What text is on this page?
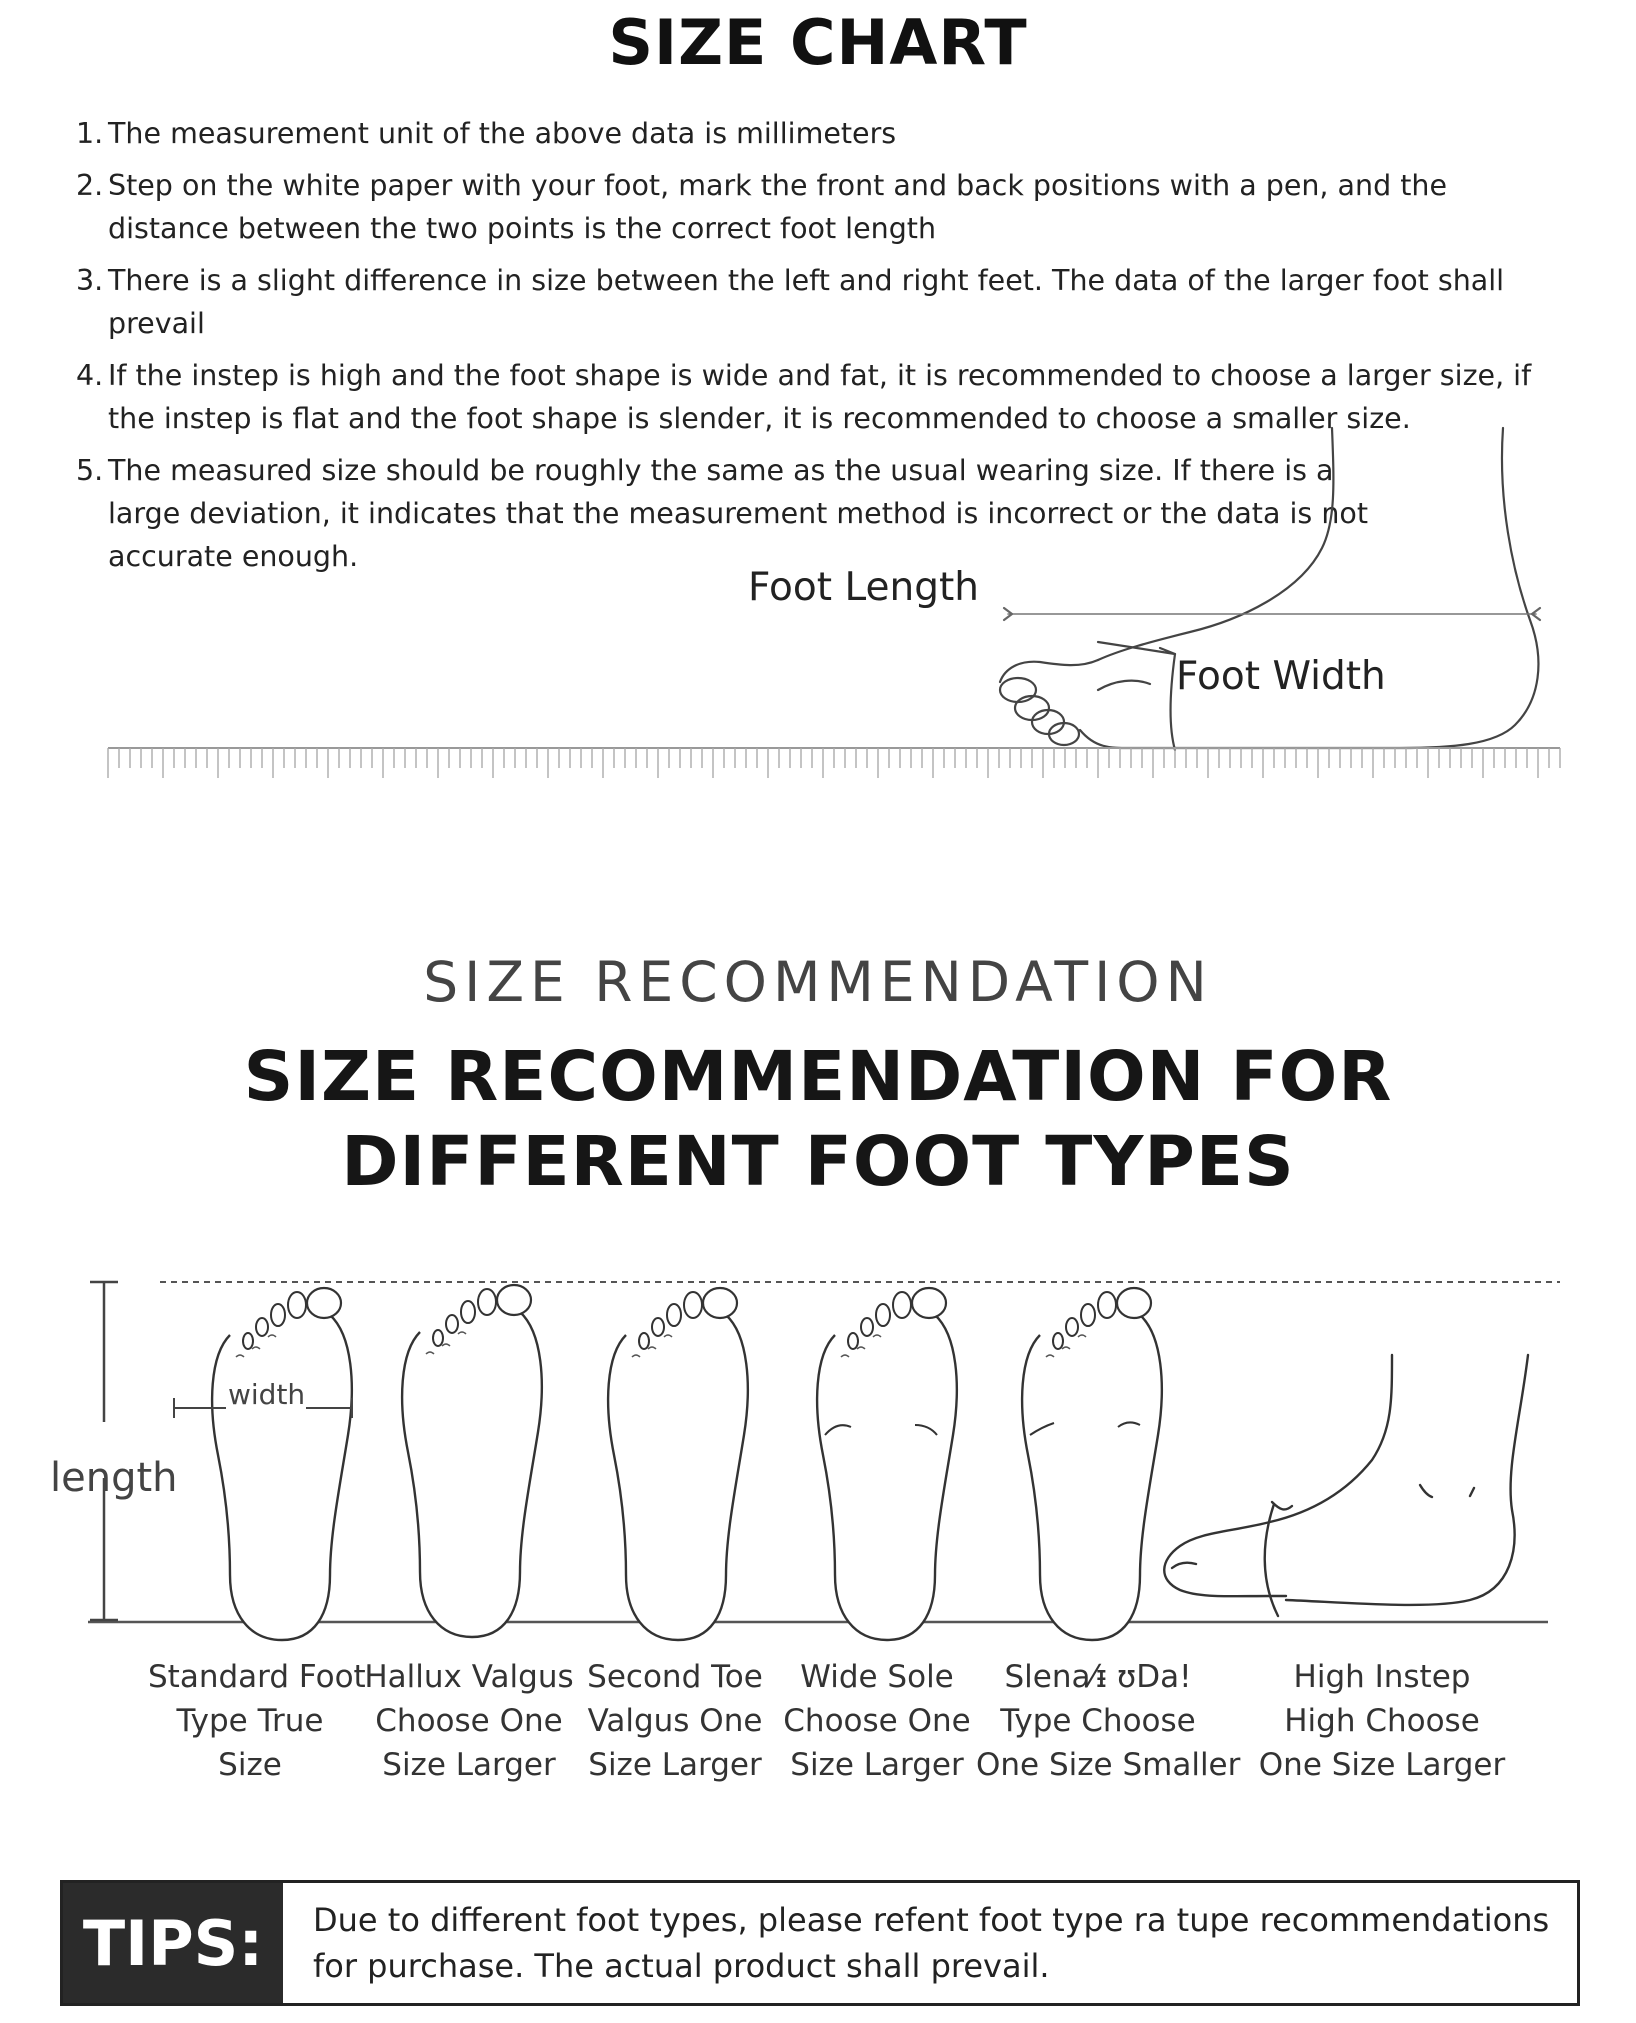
SIZE CHART
1. The measurement unit of the above data is millimeters
2. Step on the white paper with your foot, mark the front and back positions with a pen, and the distance between the two points is the correct foot length
3. There is a slight difference in size between the left and right feet. The data of the larger foot shall prevail
4. If the instep is high and the foot shape is wide and fat, it is recommended to choose a larger size, if the instep is flat and the foot shape is slender, it is recommended to choose a smaller size.
5. The measured size should be roughly the same as the usual wearing size. If there is a large deviation, it indicates that the measurement method is incorrect or the data is not accurate enough.
Foot Length
Foot Width
SIZE RECOMMENDATION
SIZE RECOMMENDATION FOR
DIFFERENT FOOT TYPES
length
width
Standard Foot
Type True
Size
Hallux Valgus
Choose One
Size Larger
Second Toe
Valgus One
Size Larger
Wide Sole
Choose One
Size Larger
Slena⁄ᵻ ʊDa!
Type Choose
One Size Smaller
High Instep
High Choose
One Size Larger
TIPS:	Due to different foot types, please refent foot type ra tupe recommendations for purchase. The actual product shall prevail.
